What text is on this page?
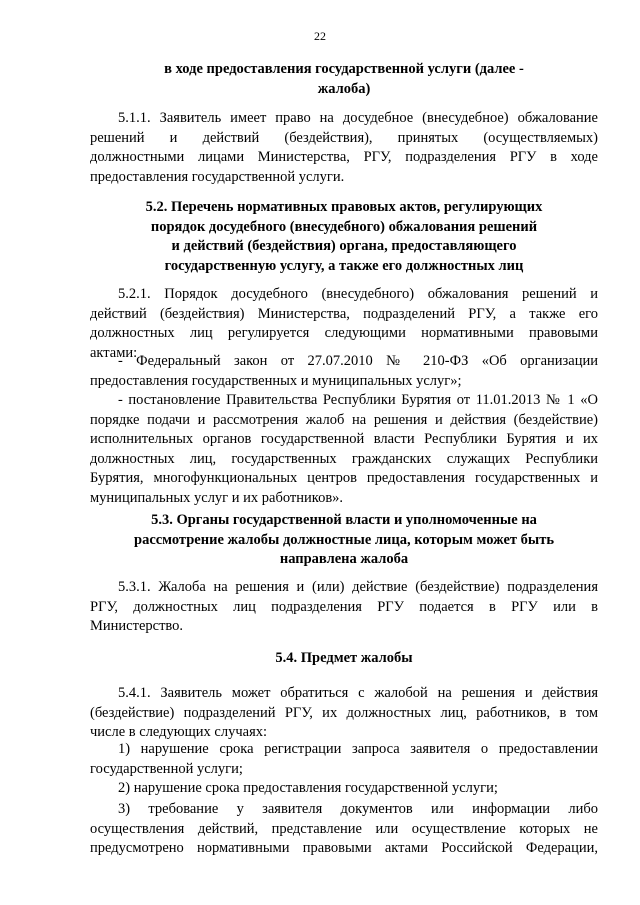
22
в ходе предоставления государственной услуги (далее -
жалоба)
5.1.1. Заявитель имеет право на досудебное (внесудебное) обжалование
решений и действий (бездействия), принятых (осуществляемых)
должностными лицами Министерства, РГУ, подразделения РГУ в ходе
предоставления государственной услуги.
5.2. Перечень нормативных правовых актов, регулирующих
порядок досудебного (внесудебного) обжалования решений
и действий (бездействия) органа, предоставляющего
государственную услугу, а также его должностных лиц
5.2.1. Порядок досудебного (внесудебного) обжалования решений и
действий (бездействия) Министерства, подразделений РГУ, а также его
должностных лиц регулируется следующими нормативными правовыми
актами:
- Федеральный закон от 27.07.2010 № 210-ФЗ «Об организации
предоставления государственных и муниципальных услуг»;
- постановление Правительства Республики Бурятия от 11.01.2013 № 1 «О
порядке подачи и рассмотрения жалоб на решения и действия (бездействие)
исполнительных органов государственной власти Республики Бурятия и их
должностных лиц, государственных гражданских служащих Республики
Бурятия, многофункциональных центров предоставления государственных и
муниципальных услуг и их работников».
5.3. Органы государственной власти и уполномоченные на
рассмотрение жалобы должностные лица, которым может быть
направлена жалоба
5.3.1. Жалоба на решения и (или) действие (бездействие) подразделения
РГУ, должностных лиц подразделения РГУ подается в РГУ или в
Министерство.
5.4. Предмет жалобы
5.4.1. Заявитель может обратиться с жалобой на решения и действия
(бездействие) подразделений РГУ, их должностных лиц, работников, в том
числе в следующих случаях:
1) нарушение срока регистрации запроса заявителя о предоставлении
государственной услуги;
2) нарушение срока предоставления государственной услуги;
3) требование у заявителя документов или информации либо
осуществления действий, представление или осуществление которых не
предусмотрено нормативными правовыми актами Российской Федерации,
